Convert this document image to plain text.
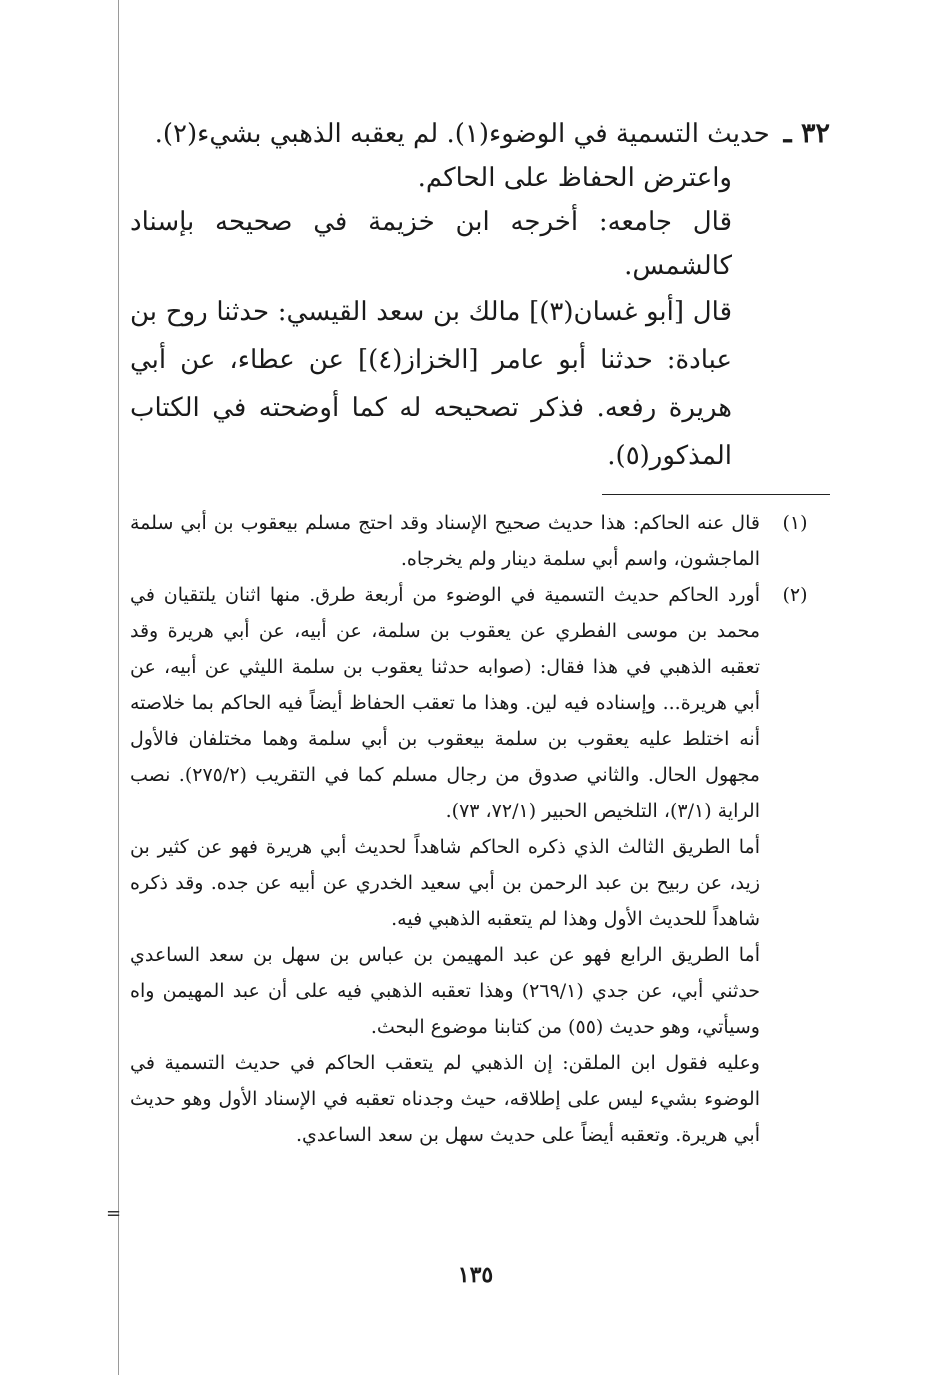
=
٣٢ ـ

حديث التسمية في الوضوء(١). لم يعقبه الذهبي بشيء(٢).

واعترض الحفاظ على الحاكم.

قال جامعه: أخرجه ابن خزيمة في صحيحه بإسناد كالشمس.

قال [أبو غسان(٣)] مالك بن سعد القيسي: حدثنا روح بن عبادة: حدثنا أبو عامر [الخزاز(٤)] عن عطاء، عن أبي هريرة رفعه. فذكر تصحيحه له كما أوضحته في الكتاب المذكور(٥).

(١)

قال عنه الحاكم: هذا حديث صحيح الإسناد وقد احتج مسلم بيعقوب بن أبي سلمة الماجشون، واسم أبي سلمة دينار ولم يخرجاه.

(٢)

أورد الحاكم حديث التسمية في الوضوء من أربعة طرق. منها اثنان يلتقيان في محمد بن موسى الفطري عن يعقوب بن سلمة، عن أبيه، عن أبي هريرة وقد تعقبه الذهبي في هذا فقال: (صوابه حدثنا يعقوب بن سلمة الليثي عن أبيه، عن أبي هريرة... وإسناده فيه لين. وهذا ما تعقب الحفاظ أيضاً فيه الحاكم بما خلاصته أنه اختلط عليه يعقوب بن سلمة بيعقوب بن أبي سلمة وهما مختلفان فالأول مجهول الحال. والثاني صدوق من رجال مسلم كما في التقريب (٢٧٥/٢). نصب الراية (٣/١)، التلخيص الحبير (٧٢/١، ٧٣).

أما الطريق الثالث الذي ذكره الحاكم شاهداً لحديث أبي هريرة فهو عن كثير بن زيد، عن ربيح بن عبد الرحمن بن أبي سعيد الخدري عن أبيه عن جده. وقد ذكره شاهداً للحديث الأول وهذا لم يتعقبه الذهبي فيه.

أما الطريق الرابع فهو عن عبد المهيمن بن عباس بن سهل بن سعد الساعدي حدثني أبي، عن جدي (٢٦٩/١) وهذا تعقبه الذهبي فيه على أن عبد المهيمن واه وسيأتي، وهو حديث (٥٥) من كتابنا موضوع البحث.

وعليه فقول ابن الملقن: إن الذهبي لم يتعقب الحاكم في حديث التسمية في الوضوء بشيء ليس على إطلاقه، حيث وجدناه تعقبه في الإسناد الأول وهو حديث أبي هريرة. وتعقبه أيضاً على حديث سهل بن سعد الساعدي.

١٣٥
